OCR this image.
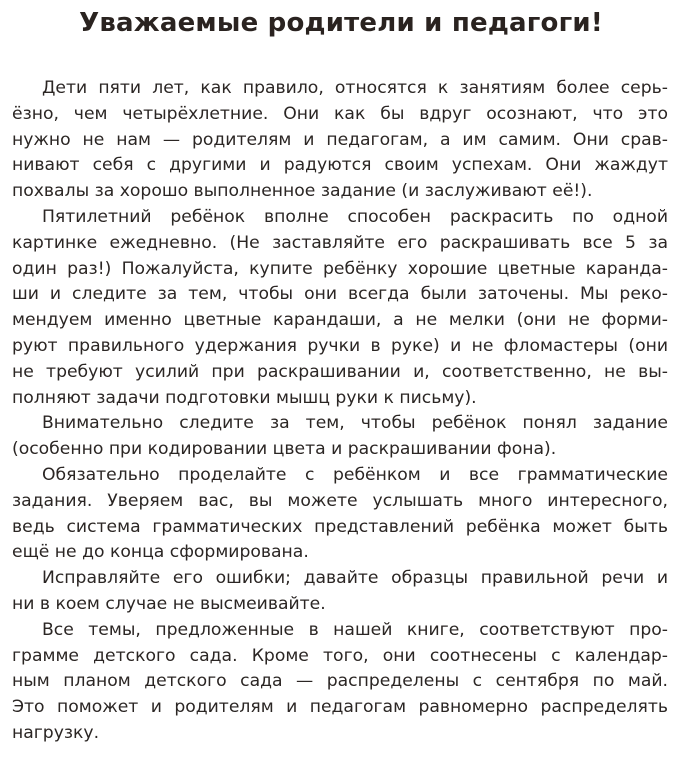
Уважаемые родители и педагоги!
Дети пяти лет, как правило, относятся к занятиям более серь-
ёзно, чем четырёхлетние. Они как бы вдруг осознают, что это
нужно не нам — родителям и педагогам, а им самим. Они срав-
нивают себя с другими и радуются своим успехам. Они жаждут
похвалы за хорошо выполненное задание (и заслуживают её!).
Пятилетний ребёнок вполне способен раскрасить по одной
картинке ежедневно. (Не заставляйте его раскрашивать все 5 за
один раз!) Пожалуйста, купите ребёнку хорошие цветные каранда-
ши и следите за тем, чтобы они всегда были заточены. Мы реко-
мендуем именно цветные карандаши, а не мелки (они не форми-
руют правильного удержания ручки в руке) и не фломастеры (они
не требуют усилий при раскрашивании и, соответственно, не вы-
полняют задачи подготовки мышц руки к письму).
Внимательно следите за тем, чтобы ребёнок понял задание
(особенно при кодировании цвета и раскрашивании фона).
Обязательно проделайте с ребёнком и все грамматические
задания. Уверяем вас, вы можете услышать много интересного,
ведь система грамматических представлений ребёнка может быть
ещё не до конца сформирована.
Исправляйте его ошибки; давайте образцы правильной речи и
ни в коем случае не высмеивайте.
Все темы, предложенные в нашей книге, соответствуют про-
грамме детского сада. Кроме того, они соотнесены с календар-
ным планом детского сада — распределены с сентября по май.
Это поможет и родителям и педагогам равномерно распределять
нагрузку.
